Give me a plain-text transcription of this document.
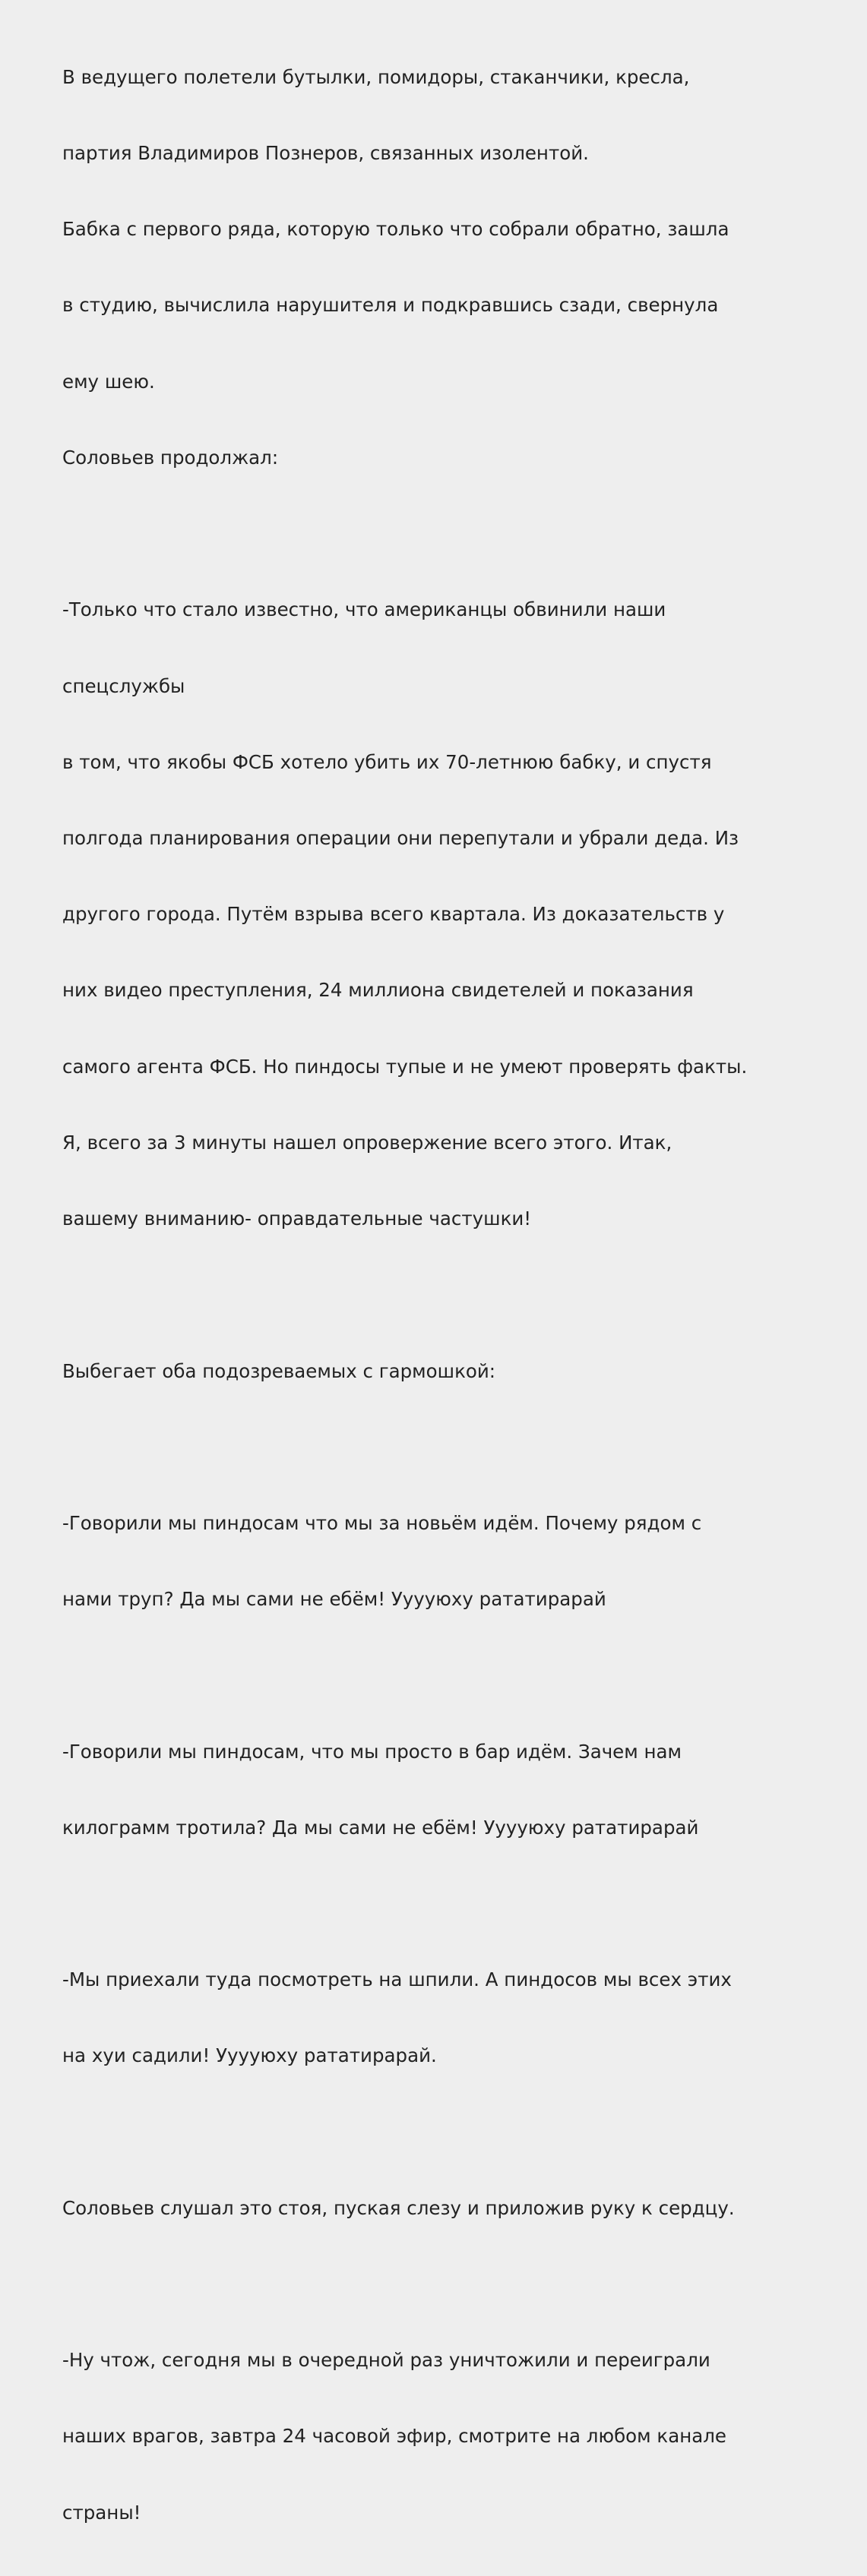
В ведущего полетели бутылки, помидоры, стаканчики, кресла,

партия Владимиров Познеров, связанных изолентой.

Бабка с первого ряда, которую только что собрали обратно, зашла

в студию, вычислила нарушителя и подкравшись сзади, свернула

ему шею.

Соловьев продолжал:

-Только что стало известно, что американцы обвинили наши

спецслужбы

в том, что якобы ФСБ хотело убить их 70-летнюю бабку, и спустя

полгода планирования операции они перепутали и убрали деда. Из

другого города. Путём взрыва всего квартала. Из доказательств у

них видео преступления, 24 миллиона свидетелей и показания

самого агента ФСБ. Но пиндосы тупые и не умеют проверять факты.

Я, всего за 3 минуты нашел опровержение всего этого. Итак,

вашему вниманию- оправдательные частушки!

Выбегает оба подозреваемых с гармошкой:

-Говорили мы пиндосам что мы за новьём идём. Почему рядом с

нами труп? Да мы сами не ебём! Ууууюху рататирарай

-Говорили мы пиндосам, что мы просто в бар идём. Зачем нам

килограмм тротила? Да мы сами не ебём! Ууууюху рататирарай

-Мы приехали туда посмотреть на шпили. А пиндосов мы всех этих

на хуи садили! Ууууюху рататирарай.

Соловьев слушал это стоя, пуская слезу и приложив руку к сердцу.

-Ну чтож, сегодня мы в очередной раз уничтожили и переиграли

наших врагов, завтра 24 часовой эфир, смотрите на любом канале

страны!
